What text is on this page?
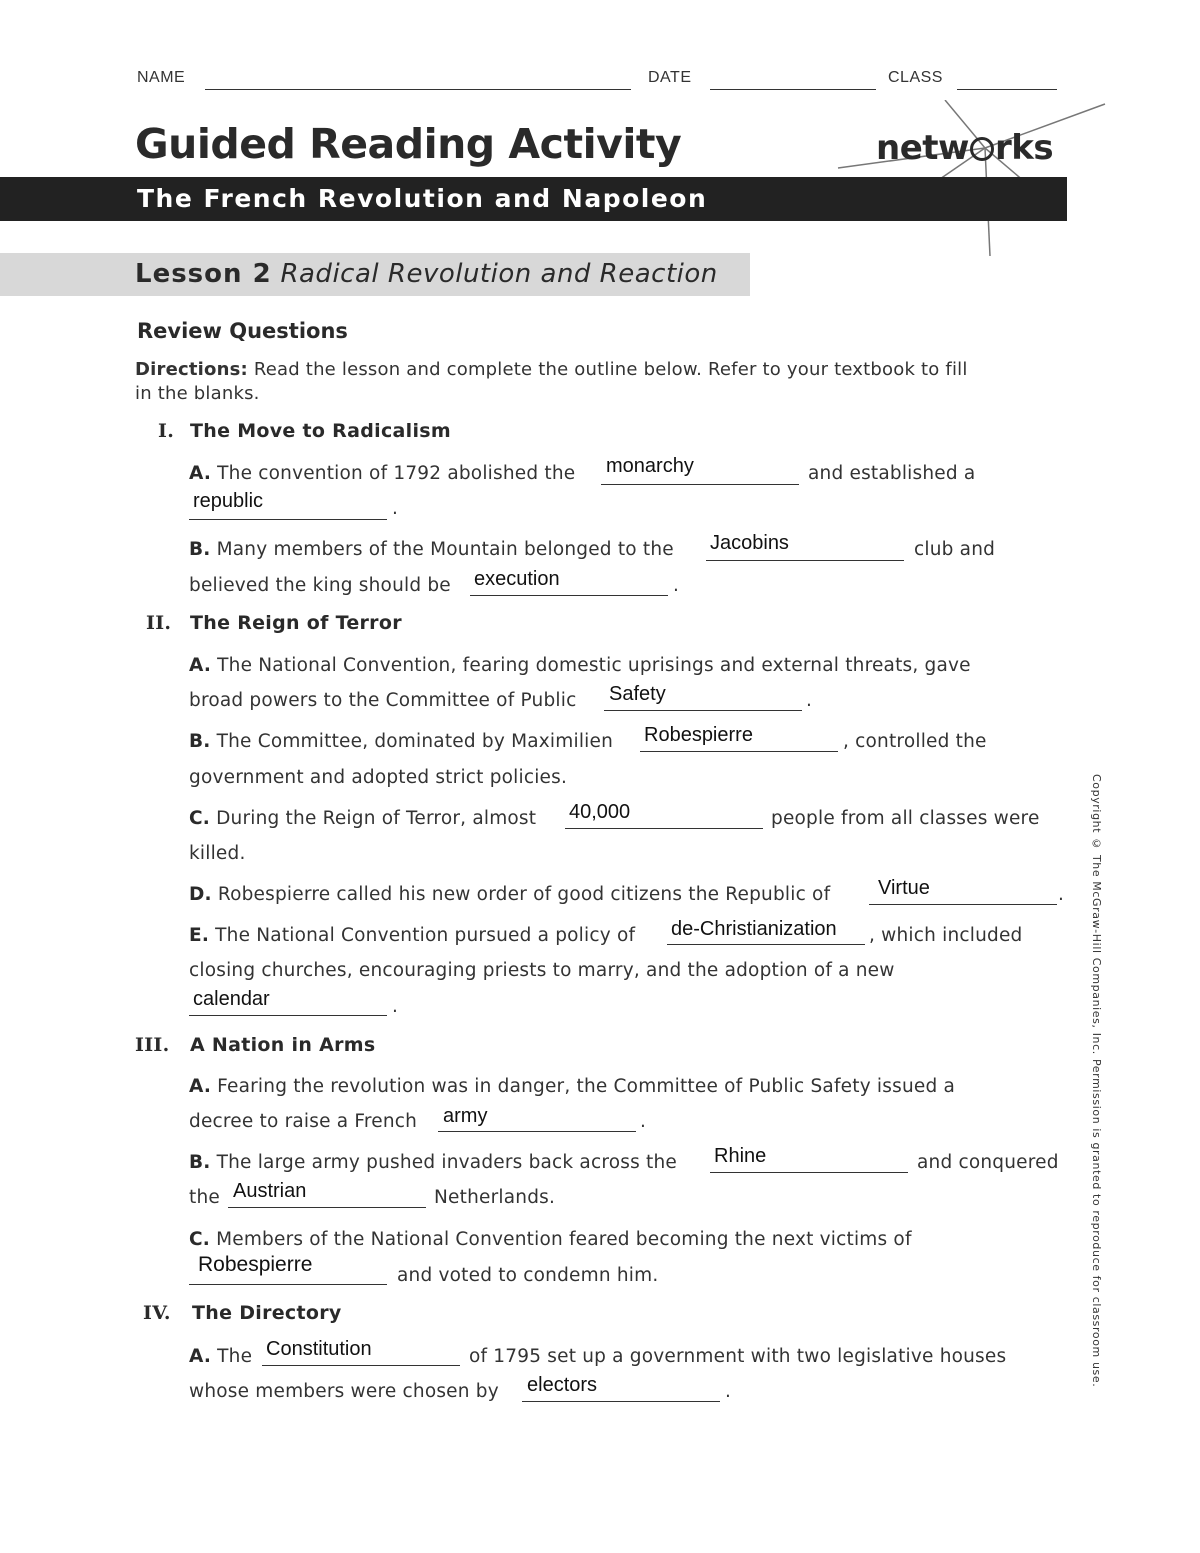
NAME	DATE	CLASS
Guided Reading Activity	netw rks
The French Revolution and Napoleon
Lesson 2 Radical Revolution and Reaction
Review Questions
Directions: Read the lesson and complete the outline below. Refer to your textbook to fill
in the blanks.
I. The Move to Radicalism
A. The convention of 1792 abolished the monarchy	and established a
republic	.
B. Many members of the Mountain belonged to the Jacobins	club and
believed the king should be execution	.
II. The Reign of Terror
A. The National Convention, fearing domestic uprisings and external threats, gave
broad powers to the Committee of Public Safety	.
B. The Committee, dominated by Maximilien Robespierre	, controlled the
government and adopted strict policies.
C. During the Reign of Terror, almost 40,000	people from all classes were
killed.
D. Robespierre called his new order of good citizens the Republic of Virtue	.
E. The National Convention pursued a policy of de-Christianization , which included
closing churches, encouraging priests to marry, and the adoption of a new
calendar	.
III. A Nation in Arms
A. Fearing the revolution was in danger, the Committee of Public Safety issued a
decree to raise a French army	.
B. The large army pushed invaders back across the Rhine	and conquered
the Austrian	Netherlands.
C. Members of the National Convention feared becoming the next victims of
Robespierre	and voted to condemn him.
IV. The Directory
A. The Constitution	of 1795 set up a government with two legislative houses
whose members were chosen by electors	.
Copyright © The McGraw-Hill Companies, Inc. Permission is granted to reproduce for classroom use.
